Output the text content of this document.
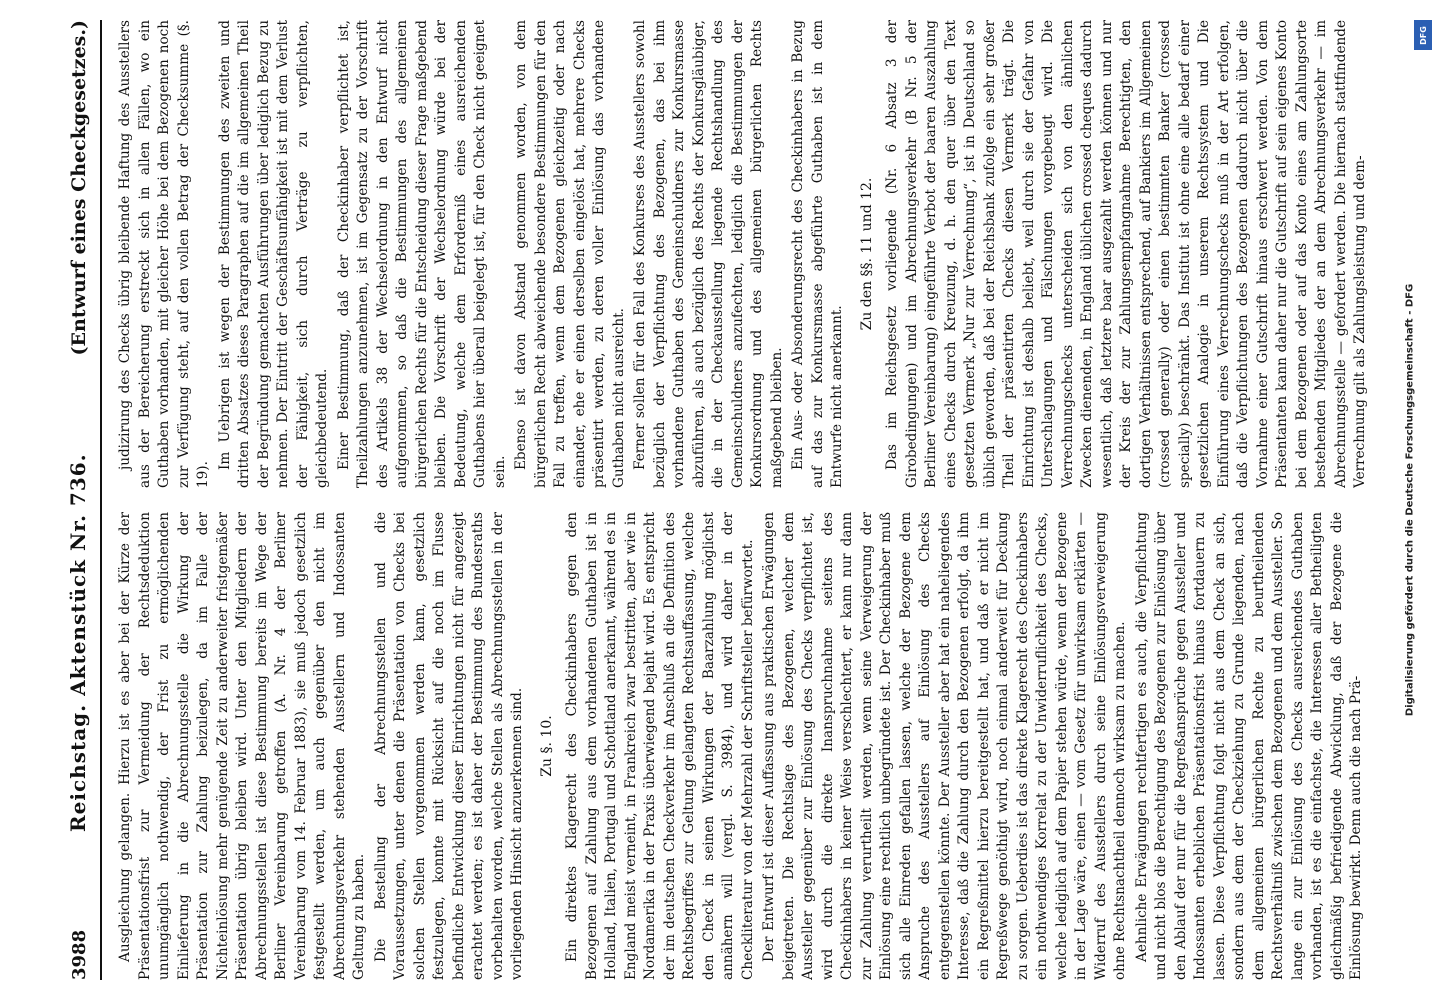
3988
Reichstag. Aktenstück Nr. 736.
(Entwurf eines Checkgesetzes.)

Ausgleichung gelangen. Hierzu ist es aber bei der Kürze der Präsentationsfrist zur Vermeidung der Rechtsdeduktion unumgänglich nothwendig, der Frist zu ermöglichenden Einlieferung in die Abrechnungsstelle die Wirkung der Präsentation zur Zahlung beizulegen, da im Falle der Nichteinlösung mehr genügende Zeit zu anderweiter fristgemäßer Präsentation übrig bleiben wird. Unter den Mitgliedern der Abrechnungsstellen ist diese Bestimmung bereits im Wege der Berliner Vereinbarung getroffen (A. Nr. 4 der Berliner Vereinbarung vom 14. Februar 1883), sie muß jedoch gesetzlich festgestellt werden, um auch gegenüber den nicht im Abrechnungsverkehr stehenden Ausstellern und Indossanten Geltung zu haben. Die Bestellung der Abrechnungsstellen und die Voraussetzungen, unter denen die Präsentation von Checks bei solchen Stellen vorgenommen werden kann, gesetzlich festzulegen, konnte mit Rücksicht auf die noch im Flusse befindliche Entwicklung dieser Einrichtungen nicht für angezeigt erachtet werden; es ist daher der Bestimmung des Bundesraths vorbehalten worden, welche Stellen als Abrechnungsstellen in der vorliegenden Hinsicht anzuerkennen sind. Zu §. 10. Ein direktes Klagerecht des Checkinhabers gegen den Bezogenen auf Zahlung aus dem vorhandenen Guthaben ist in Holland, Italien, Portugal und Schottland anerkannt, während es in England meist verneint, in Frankreich zwar bestritten, aber wie in Nordamerika in der Praxis überwiegend bejaht wird. Es entspricht der im deutschen Checkverkehr im Anschluß an die Definition des Rechtsbegriffes zur Geltung gelangten Rechtsauffassung, welche den Check in seinen Wirkungen der Baarzahlung möglichst annähern will (vergl. S. 3984), und wird daher in der Checkliteratur von der Mehrzahl der Schriftsteller befürwortet. Der Entwurf ist dieser Auffassung aus praktischen Erwägungen beigetreten. Die Rechtslage des Bezogenen, welcher dem Aussteller gegenüber zur Einlösung des Checks verpflichtet ist, wird durch die direkte Inanspruchnahme seitens des Checkinhabers in keiner Weise verschlechtert, er kann nur dann zur Zahlung verurtheilt werden, wenn seine Verweigerung der Einlösung eine rechtlich unbegründete ist. Der Checkinhaber muß sich alle Einreden gefallen lassen, welche der Bezogene dem Anspruche des Ausstellers auf Einlösung des Checks entgegenstellen könnte. Der Aussteller aber hat ein naheliegendes Interesse, daß die Zahlung durch den Bezogenen erfolgt, da ihm ein Regreßmittel hierzu bereitgestellt hat, und daß er nicht im Regreßwege genöthigt wird, noch einmal anderweit für Deckung zu sorgen. Ueberdies ist das direkte Klagerecht des Checkinhabers ein nothwendiges Korrelat zu der Unwiderruflichkeit des Checks, welche lediglich auf dem Papier stehen würde, wenn der Bezogene in der Lage wäre, einen — vom Gesetz für unwirksam erklärten — Widerruf des Ausstellers durch seine Einlösungsverweigerung ohne Rechtsnachtheil dennoch wirksam zu machen. Aehnliche Erwägungen rechtfertigen es auch, die Verpflichtung und nicht blos die Berechtigung des Bezogenen zur Einlösung über den Ablauf der nur für die Regreßansprüche gegen Aussteller und Indossanten erheblichen Präsentationsfrist hinaus fortdauern zu lassen. Diese Verpflichtung folgt nicht aus dem Check an sich, sondern aus dem der Checkziehung zu Grunde liegenden, nach dem allgemeinen bürgerlichen Rechte zu beurtheilenden Rechtsverhältniß zwischen dem Bezogenen und dem Aussteller. So lange ein zur Einlösung des Checks ausreichendes Guthaben vorhanden, ist es die einfachste, die Interessen aller Betheiligten gleichmäßig befriedigende Abwicklung, daß der Bezogene die Einlösung bewirkt. Denn auch die nach Prä-

judizirung des Checks übrig bleibende Haftung des Ausstellers aus der Bereicherung erstreckt sich in allen Fällen, wo ein Guthaben vorhanden, mit gleicher Höhe bei dem Bezogenen noch zur Verfügung steht, auf den vollen Betrag der Checksumme (§. 19).

Im Uebrigen ist wegen der Bestimmungen des zweiten und dritten Absatzes dieses Paragraphen auf die im allgemeinen Theil der Begründung gemachten Ausführungen über lediglich Bezug zu nehmen. Der Eintritt der Geschäftsunfähigkeit ist mit dem Verlust der Fähigkeit, sich durch Verträge zu verpflichten, gleichbedeutend. Einer Bestimmung, daß der Checkinhaber verpflichtet ist, Theilzahlungen anzunehmen, ist im Gegensatz zu der Vorschrift des Artikels 38 der Wechselordnung in den Entwurf nicht aufgenommen, so daß die Bestimmungen des allgemeinen bürgerlichen Rechts für die Entscheidung dieser Frage maßgebend bleiben. Die Vorschrift der Wechselordnung würde bei der Bedeutung, welche dem Erforderniß eines ausreichenden Guthabens hier überall beigelegt ist, für den Check nicht geeignet sein.

Ebenso ist davon Abstand genommen worden, von dem bürgerlichen Recht abweichende besondere Bestimmungen für den Fall zu treffen, wenn dem Bezogenen gleichzeitig oder nach einander, ehe er einen derselben eingelöst hat, mehrere Checks präsentirt werden, zu deren voller Einlösung das vorhandene Guthaben nicht ausreicht. Ferner sollen für den Fall des Konkurses des Ausstellers sowohl bezüglich der Verpflichtung des Bezogenen, das bei ihm vorhandene Guthaben des Gemeinschuldners zur Konkursmasse abzuführen, als auch bezüglich des Rechts der Konkursgläubiger, die in der Checkausstellung liegende Rechtshandlung des Gemeinschuldners anzufechten, lediglich die Bestimmungen der Konkursordnung und des allgemeinen bürgerlichen Rechts maßgebend bleiben. Ein Aus- oder Absonderungsrecht des Checkinhabers in Bezug auf das zur Konkursmasse abgeführte Guthaben ist in dem Entwurfe nicht anerkannt.

Zu den §§. 11 und 12. Das im Reichsgesetz vorliegende (Nr. 6 Absatz 3 der Girobedingungen) und im Abrechnungsverkehr (B Nr. 5 der Berliner Vereinbarung) eingeführte Verbot der baaren Auszahlung eines Checks durch Kreuzung, d. h. den quer über den Text gesetzten Vermerk „Nur zur Verrechnung“, ist in Deutschland so üblich geworden, daß bei der Reichsbank zufolge ein sehr großer Theil der präsentirten Checks diesen Vermerk trägt. Die Einrichtung ist deshalb beliebt, weil durch sie der Gefahr von Unterschlagungen und Fälschungen vorgebeugt wird. Die Verrechnungschecks unterscheiden sich von den ähnlichen Zwecken dienenden, in England üblichen crossed cheques dadurch wesentlich, daß letztere baar ausgezahlt werden können und nur der Kreis der zur Zahlungsempfangnahme Berechtigten, den dortigen Verhältnissen entsprechend, auf Bankiers im Allgemeinen (crossed generally) oder einen bestimmten Banker (crossed specially) beschränkt. Das Institut ist ohne eine alle bedarf einer gesetzlichen Analogie in unserem Rechtssystem und Die Einführung eines Verrechnungschecks muß in der Art erfolgen, daß die Verpflichtungen des Bezogenen dadurch nicht über die Vornahme einer Gutschrift hinaus erschwert werden. Von dem Präsentanten kann daher nur die Gutschrift auf sein eigenes Konto bei dem Bezogenen oder auf das Konto eines am Zahlungsorte bestehenden Mitgliedes der an dem Abrechnungsverkehr — im Abrechnungsstelle — gefordert werden. Die hiernach stattfindende Verrechnung gilt als Zahlungsleistung und dem-	Digitalisierung gefördert durch die Deutsche Forschungsgemeinschaft - DFG
DFG
